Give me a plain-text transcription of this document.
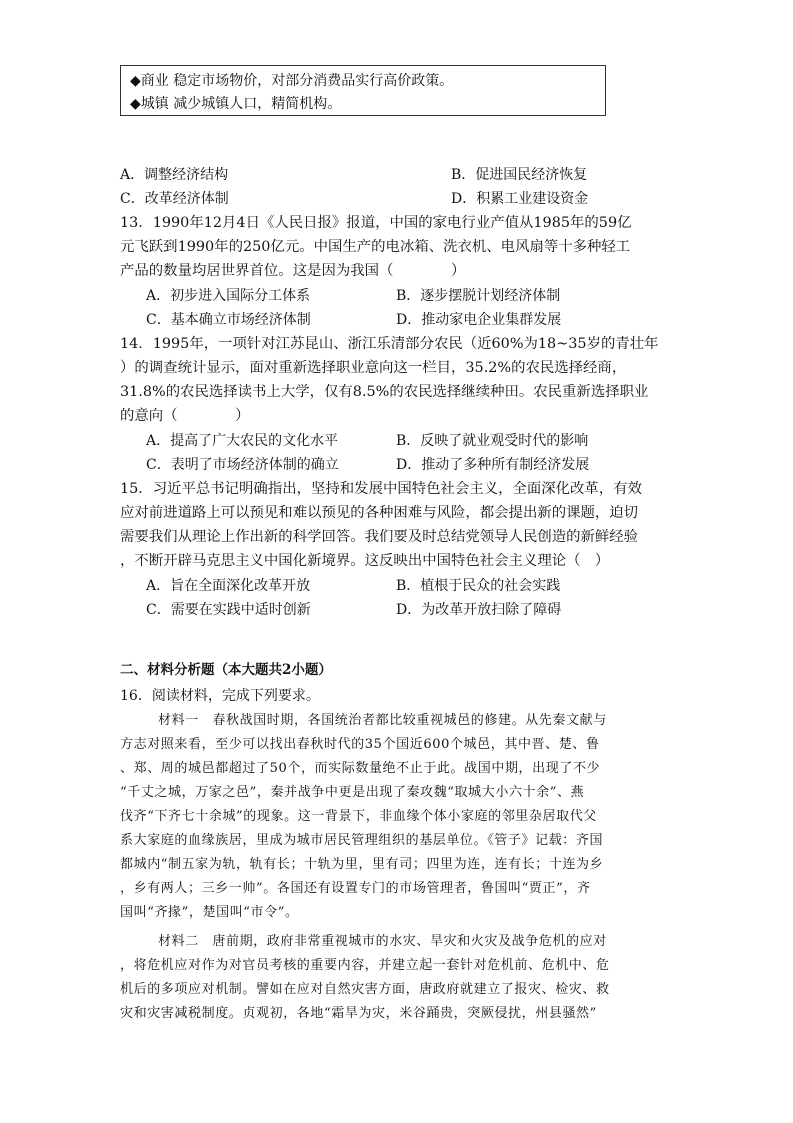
◆商业 稳定市场物价，对部分消费品实行高价政策。
◆城镇 减少城镇人口，精简机构。
A．调整经济结构	B．促进国民经济恢复
C．改革经济体制	D．积累工业建设资金
13．1990年12月4日《人民日报》报道，中国的家电行业产值从1985年的59亿
元飞跃到1990年的250亿元。中国生产的电冰箱、洗衣机、电风扇等十多种轻工
产品的数量均居世界首位。这是因为我国（　　　　）
A．初步进入国际分工体系	B．逐步摆脱计划经济体制
C．基本确立市场经济体制	D．推动家电企业集群发展
14．1995年，一项针对江苏昆山、浙江乐清部分农民（近60%为18~35岁的青壮年
）的调查统计显示，面对重新选择职业意向这一栏目，35.2%的农民选择经商，
31.8%的农民选择读书上大学，仅有8.5%的农民选择继续种田。农民重新选择职业
的意向（　　　　）
A．提高了广大农民的文化水平	B．反映了就业观受时代的影响
C．表明了市场经济体制的确立	D．推动了多种所有制经济发展
15．习近平总书记明确指出，坚持和发展中国特色社会主义，全面深化改革，有效
应对前进道路上可以预见和难以预见的各种困难与风险，都会提出新的课题，迫切
需要我们从理论上作出新的科学回答。我们要及时总结党领导人民创造的新鲜经验
，不断开辟马克思主义中国化新境界。这反映出中国特色社会主义理论（　）
A．旨在全面深化改革开放	B．植根于民众的社会实践
C．需要在实践中适时创新	D．为改革开放扫除了障碍
二、材料分析题（本大题共2小题）
16．阅读材料，完成下列要求。
材料一　春秋战国时期，各国统治者都比较重视城邑的修建。从先秦文献与
方志对照来看，至少可以找出春秋时代的35个国近600个城邑，其中晋、楚、鲁
、郑、周的城邑都超过了50个，而实际数量绝不止于此。战国中期，出现了不少
“千丈之城，万家之邑”，秦并战争中更是出现了秦攻魏“取城大小六十余”、燕
伐齐“下齐七十余城”的现象。这一背景下，非血缘个体小家庭的邻里杂居取代父
系大家庭的血缘族居，里成为城市居民管理组织的基层单位。《管子》记载：齐国
都城内“制五家为轨，轨有长；十轨为里，里有司；四里为连，连有长；十连为乡
，乡有两人；三乡一帅”。各国还有设置专门的市场管理者，鲁国叫“贾正”，齐
国叫“齐掾”，楚国叫“市令”。
材料二　唐前期，政府非常重视城市的水灾、旱灾和火灾及战争危机的应对
，将危机应对作为对官员考核的重要内容，并建立起一套针对危机前、危机中、危
机后的多项应对机制。譬如在应对自然灾害方面，唐政府就建立了报灾、检灾、救
灾和灾害减税制度。贞观初，各地“霜旱为灾，米谷踊贵，突厥侵扰，州县骚然”
